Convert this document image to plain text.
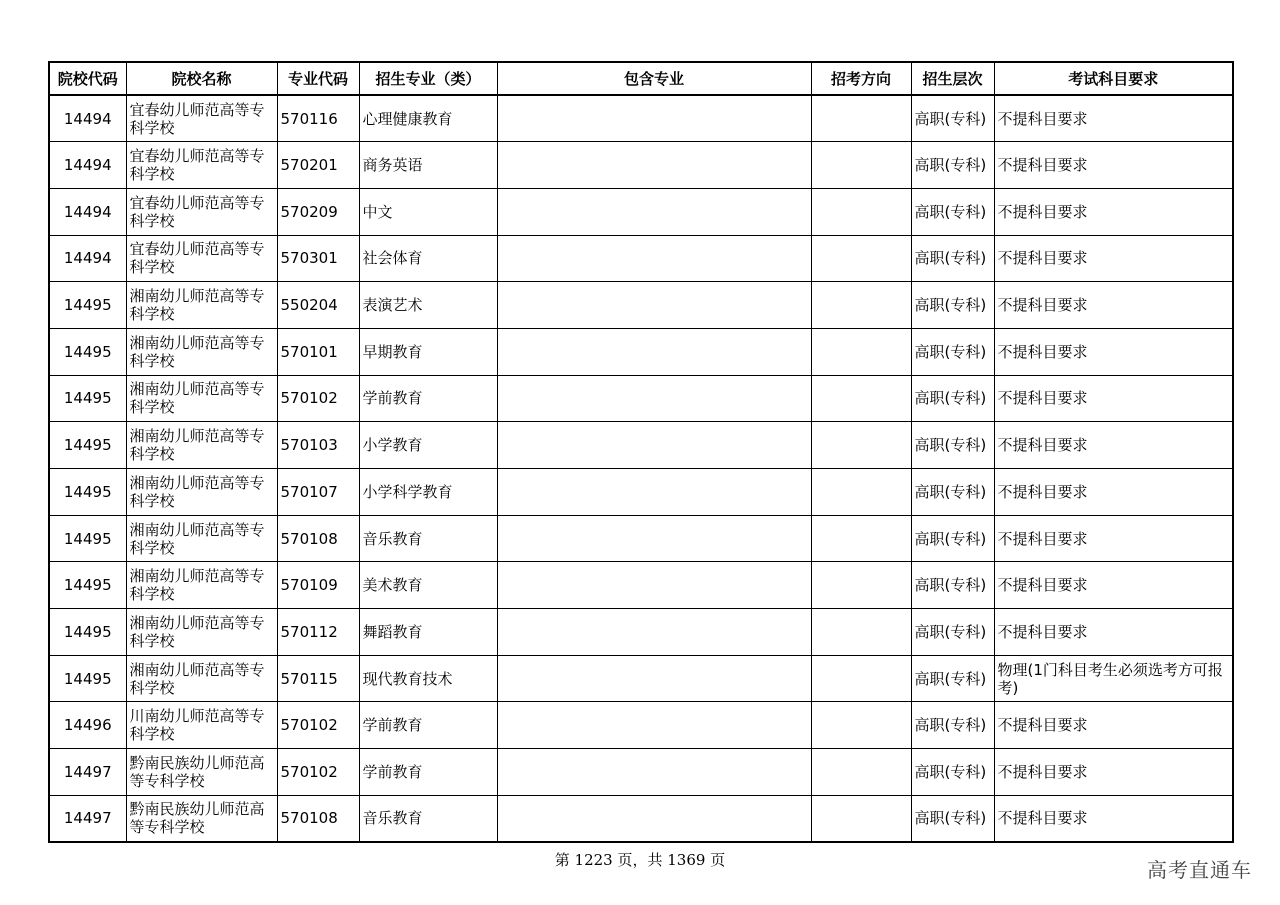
院校代码	院校名称	专业代码	招生专业（类）	包含专业	招考方向	招生层次	考试科目要求
14494	宜春幼儿师范高等专科学校	570116	心理健康教育			高职(专科)	不提科目要求
14494	宜春幼儿师范高等专科学校	570201	商务英语			高职(专科)	不提科目要求
14494	宜春幼儿师范高等专科学校	570209	中文			高职(专科)	不提科目要求
14494	宜春幼儿师范高等专科学校	570301	社会体育			高职(专科)	不提科目要求
14495	湘南幼儿师范高等专科学校	550204	表演艺术			高职(专科)	不提科目要求
14495	湘南幼儿师范高等专科学校	570101	早期教育			高职(专科)	不提科目要求
14495	湘南幼儿师范高等专科学校	570102	学前教育			高职(专科)	不提科目要求
14495	湘南幼儿师范高等专科学校	570103	小学教育			高职(专科)	不提科目要求
14495	湘南幼儿师范高等专科学校	570107	小学科学教育			高职(专科)	不提科目要求
14495	湘南幼儿师范高等专科学校	570108	音乐教育			高职(专科)	不提科目要求
14495	湘南幼儿师范高等专科学校	570109	美术教育			高职(专科)	不提科目要求
14495	湘南幼儿师范高等专科学校	570112	舞蹈教育			高职(专科)	不提科目要求
14495	湘南幼儿师范高等专科学校	570115	现代教育技术			高职(专科)	物理(1门科目考生必须选考方可报考)
14496	川南幼儿师范高等专科学校	570102	学前教育			高职(专科)	不提科目要求
14497	黔南民族幼儿师范高等专科学校	570102	学前教育			高职(专科)	不提科目要求
14497	黔南民族幼儿师范高等专科学校	570108	音乐教育			高职(专科)	不提科目要求
第 1223 页，共 1369 页	高考直通车
